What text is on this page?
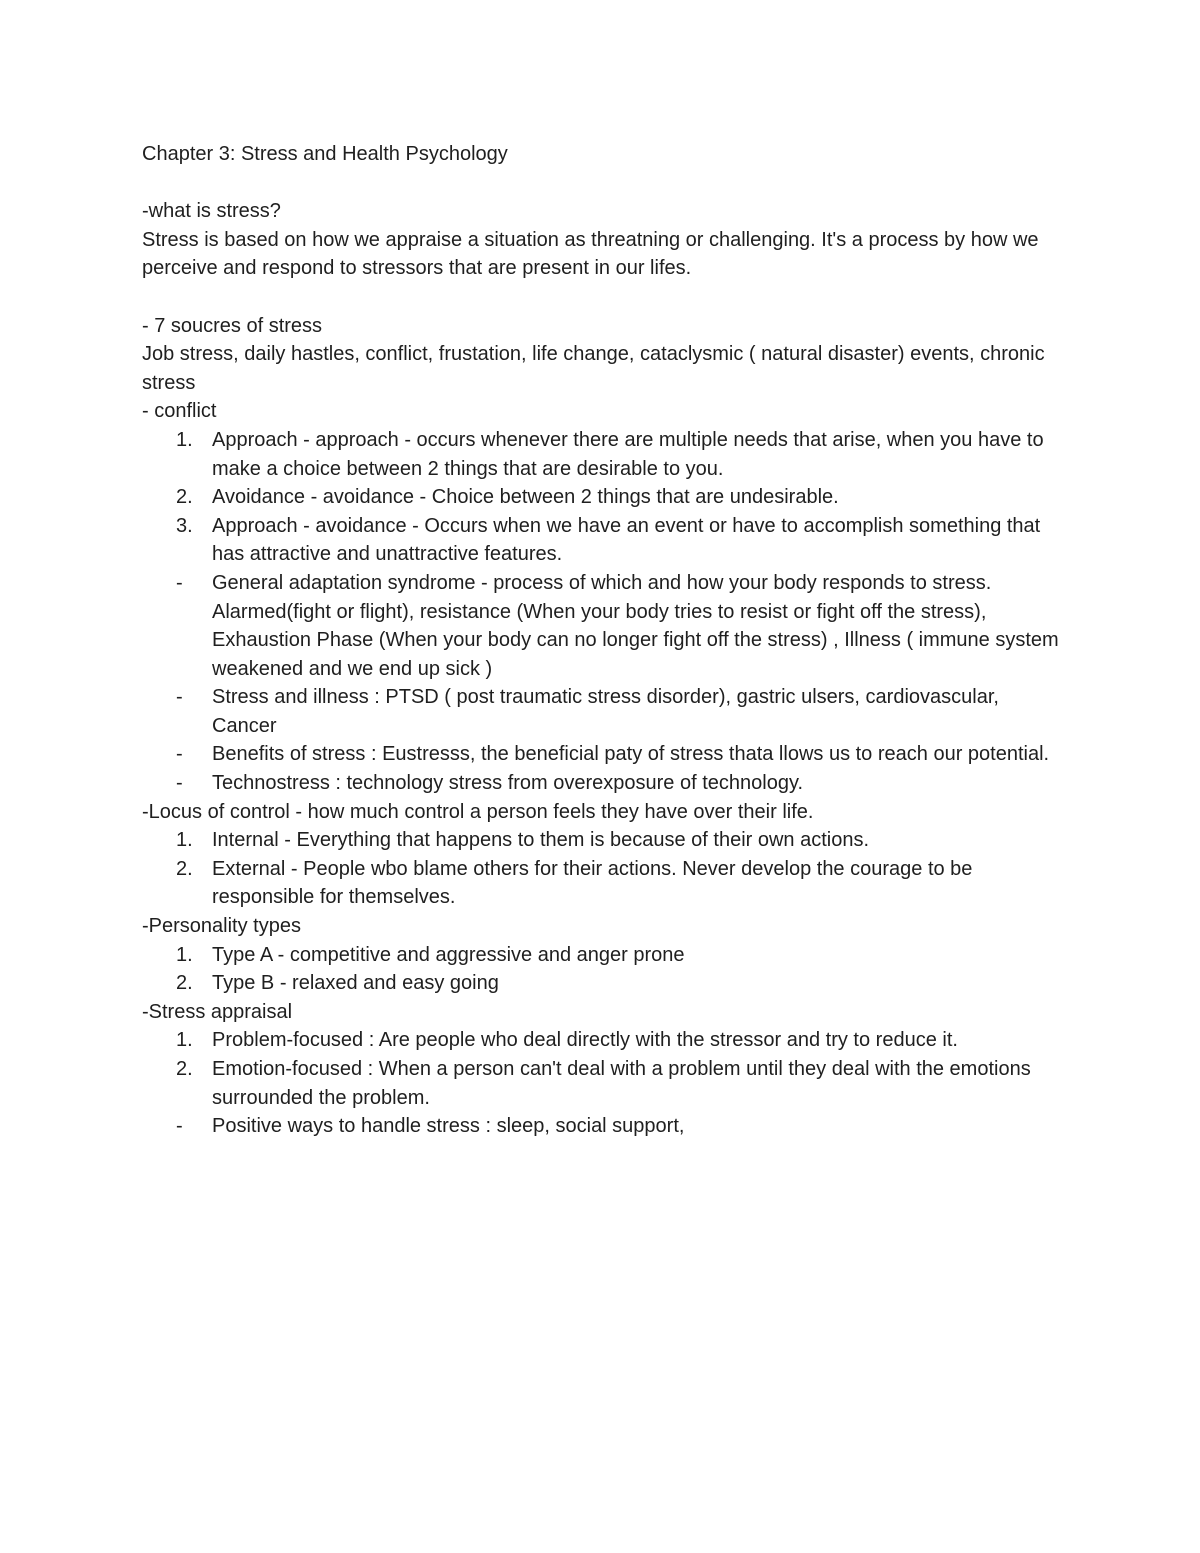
Chapter 3: Stress and Health Psychology

-what is stress?

Stress is based on how we appraise a situation as threatning or challenging. It's a process by how we perceive and respond to stressors that are present in our lifes.

- 7 soucres of stress

Job stress, daily hastles, conflict, frustation, life change, cataclysmic ( natural disaster) events, chronic stress

- conflict

1. Approach - approach - occurs whenever there are multiple needs that arise, when you have to make a choice between 2 things that are desirable to you.

2. Avoidance - avoidance - Choice between 2 things that are undesirable.

3. Approach - avoidance - Occurs when we have an event or have to accomplish something that has attractive and unattractive features.

-	General adaptation syndrome - process of which and how your body responds to stress. Alarmed(fight or flight), resistance (When your body tries to resist or fight off the stress), Exhaustion Phase (When your body can no longer fight off the stress) , Illness ( immune system weakened and we end up sick )

-	Stress and illness : PTSD ( post traumatic stress disorder), gastric ulsers, cardiovascular, Cancer

-	Benefits of stress : Eustresss, the beneficial paty of stress thata llows us to reach our potential.

-	Technostress : technology stress from overexposure of technology.

-Locus of control - how much control a person feels they have over their life.

1. Internal - Everything that happens to them is because of their own actions.

2. External - People wbo blame others for their actions. Never develop the courage to be responsible for themselves.

-Personality types

1. Type A - competitive and aggressive and anger prone

2. Type B - relaxed and easy going

-Stress appraisal

1. Problem-focused : Are people who deal directly with the stressor and try to reduce it.

2. Emotion-focused : When a person can't deal with a problem until they deal with the emotions surrounded the problem.

-	Positive ways to handle stress : sleep, social support,
